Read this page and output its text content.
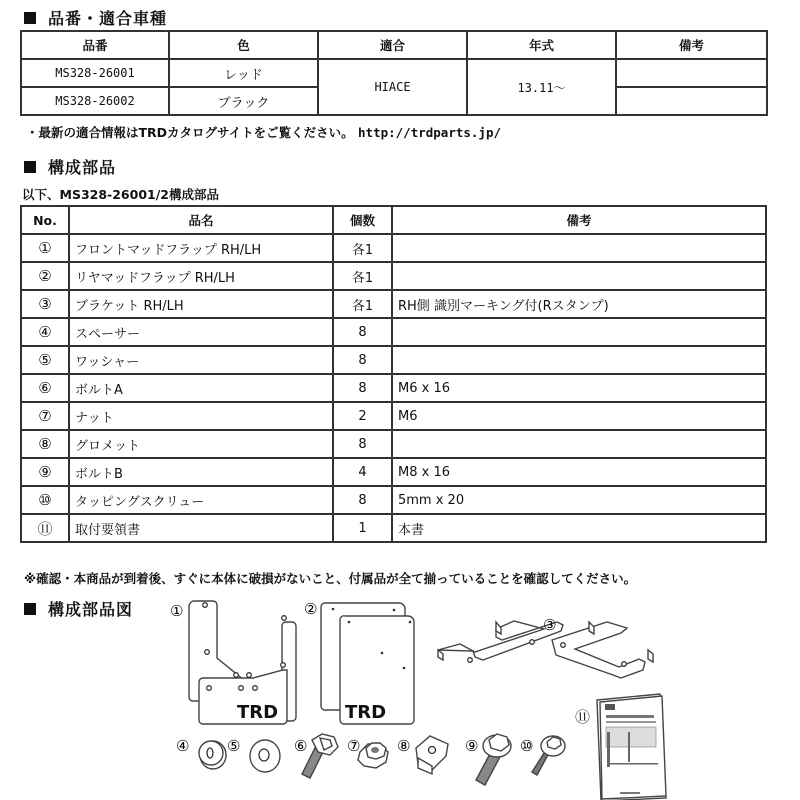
品番・適合車種
品番	色	適合	年式	備考
MS328-26001	レッド	HIACE	13.11～	
MS328-26002	ブラック			
・最新の適合情報はTRDカタログサイトをご覧ください。 http://trdparts.jp/
構成部品
以下、MS328-26001/2構成部品
No.	品名	個数	備考
①	フロントマッドフラップ RH/LH	各1	
②	リヤマッドフラップ RH/LH	各1	
③	ブラケット RH/LH	各1	RH側 識別マーキング付(Rスタンプ)
④	スペーサー	8	
⑤	ワッシャー	8	
⑥	ボルトA	8	M6 x 16
⑦	ナット	2	M6
⑧	グロメット	8	
⑨	ボルトB	4	M8 x 16
⑩	タッピングスクリュー	8	5mm x 20
⑪	取付要領書	1	本書
※確認・本商品が到着後、すぐに本体に破損がないこと、付属品が全て揃っていることを確認してください。
構成部品図
TRD	TRD
①	②
③
④	⑤	⑥	⑦ ⑧	⑨	⑩
⑪
